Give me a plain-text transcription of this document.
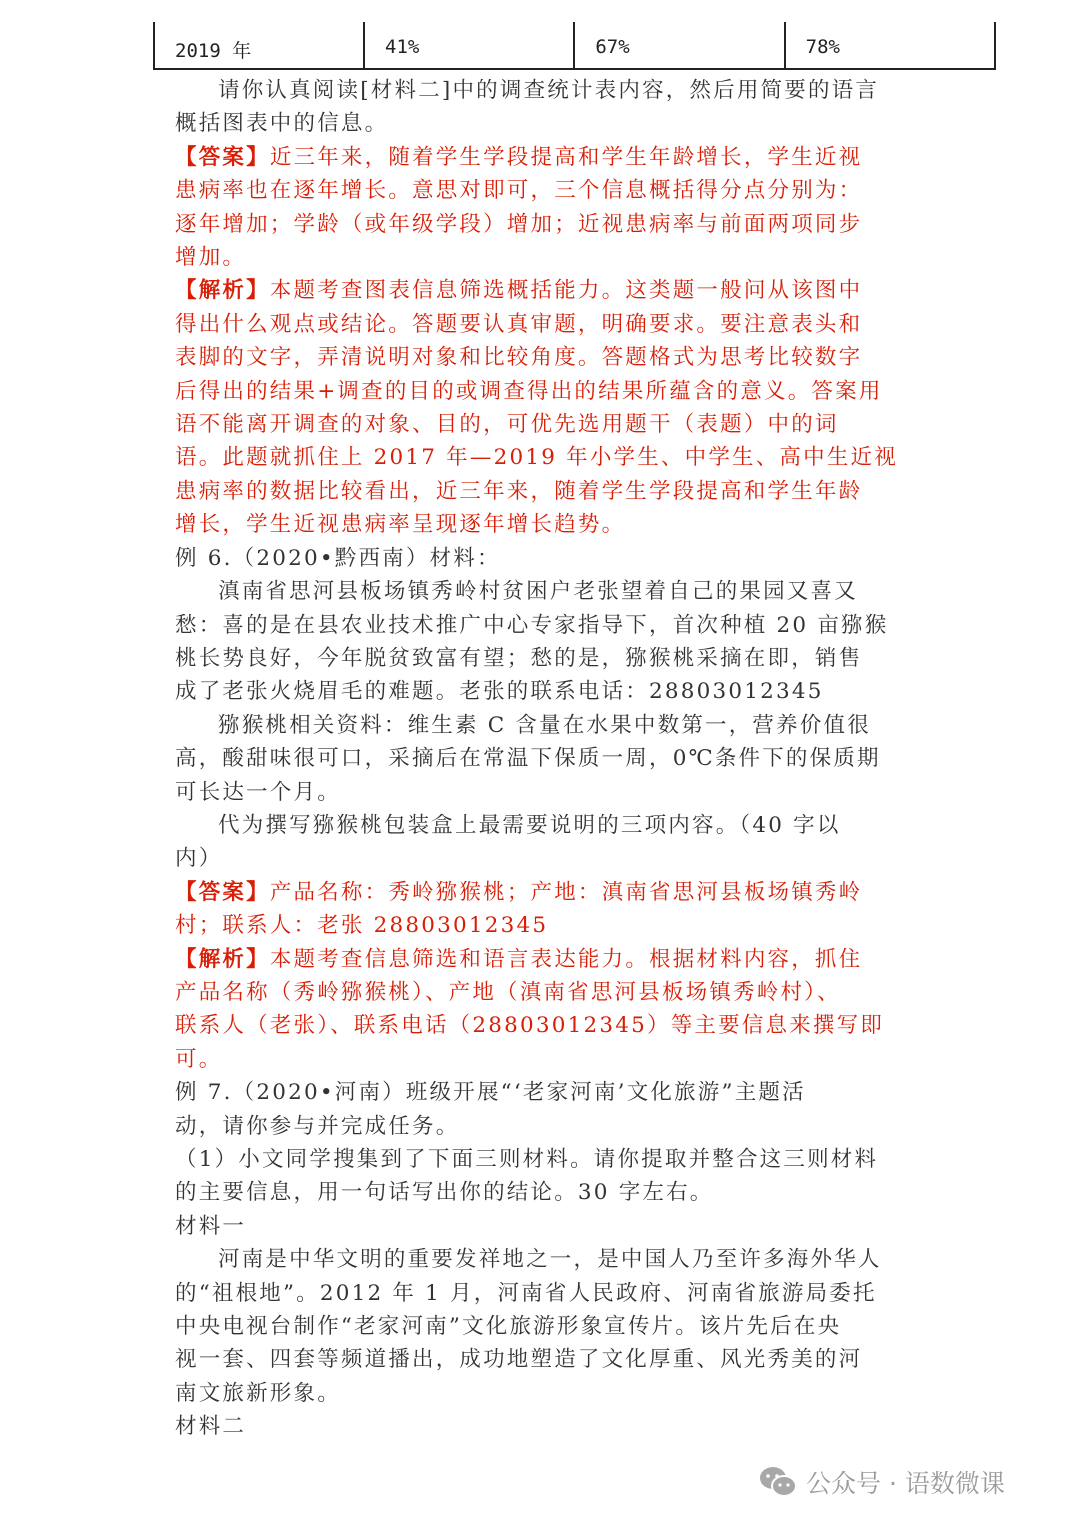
2019 年	41%	67%	78%

请你认真阅读[材料二]中的调查统计表内容，然后用简要的语言
概括图表中的信息。

【答案】近三年来，随着学生学段提高和学生年龄增长，学生近视
患病率也在逐年增长。意思对即可，三个信息概括得分点分别为：
逐年增加；学龄（或年级学段）增加；近视患病率与前面两项同步
增加。

【解析】本题考查图表信息筛选概括能力。这类题一般问从该图中
得出什么观点或结论。答题要认真审题，明确要求。要注意表头和
表脚的文字，弄清说明对象和比较角度。答题格式为思考比较数字
后得出的结果+调查的目的或调查得出的结果所蕴含的意义。答案用
语不能离开调查的对象、目的，可优先选用题干（表题）中的词
语。此题就抓住上 2017 年—2019 年小学生、中学生、高中生近视
患病率的数据比较看出，近三年来，随着学生学段提高和学生年龄
增长，学生近视患病率呈现逐年增长趋势。

例 6.（2020•黔西南）材料：

滇南省思河县板场镇秀岭村贫困户老张望着自己的果园又喜又
愁：喜的是在县农业技术推广中心专家指导下，首次种植 20 亩猕猴
桃长势良好，今年脱贫致富有望；愁的是，猕猴桃采摘在即，销售
成了老张火烧眉毛的难题。老张的联系电话：28803012345

猕猴桃相关资料：维生素 C 含量在水果中数第一，营养价值很
高，酸甜味很可口，采摘后在常温下保质一周，0℃条件下的保质期
可长达一个月。

代为撰写猕猴桃包装盒上最需要说明的三项内容。（40 字以
内）

【答案】产品名称：秀岭猕猴桃；产地：滇南省思河县板场镇秀岭
村；联系人：老张 28803012345

【解析】本题考查信息筛选和语言表达能力。根据材料内容，抓住
产品名称（秀岭猕猴桃）、产地（滇南省思河县板场镇秀岭村）、
联系人（老张）、联系电话（28803012345）等主要信息来撰写即
可。

例 7.（2020•河南）班级开展“‘老家河南’文化旅游”主题活
动，请你参与并完成任务。

（1）小文同学搜集到了下面三则材料。请你提取并整合这三则材料
的主要信息，用一句话写出你的结论。30 字左右。

材料一

河南是中华文明的重要发祥地之一，是中国人乃至许多海外华人
的“祖根地”。2012 年 1 月，河南省人民政府、河南省旅游局委托
中央电视台制作“老家河南”文化旅游形象宣传片。该片先后在央
视一套、四套等频道播出，成功地塑造了文化厚重、风光秀美的河
南文旅新形象。

材料二

公众号 · 语数微课
